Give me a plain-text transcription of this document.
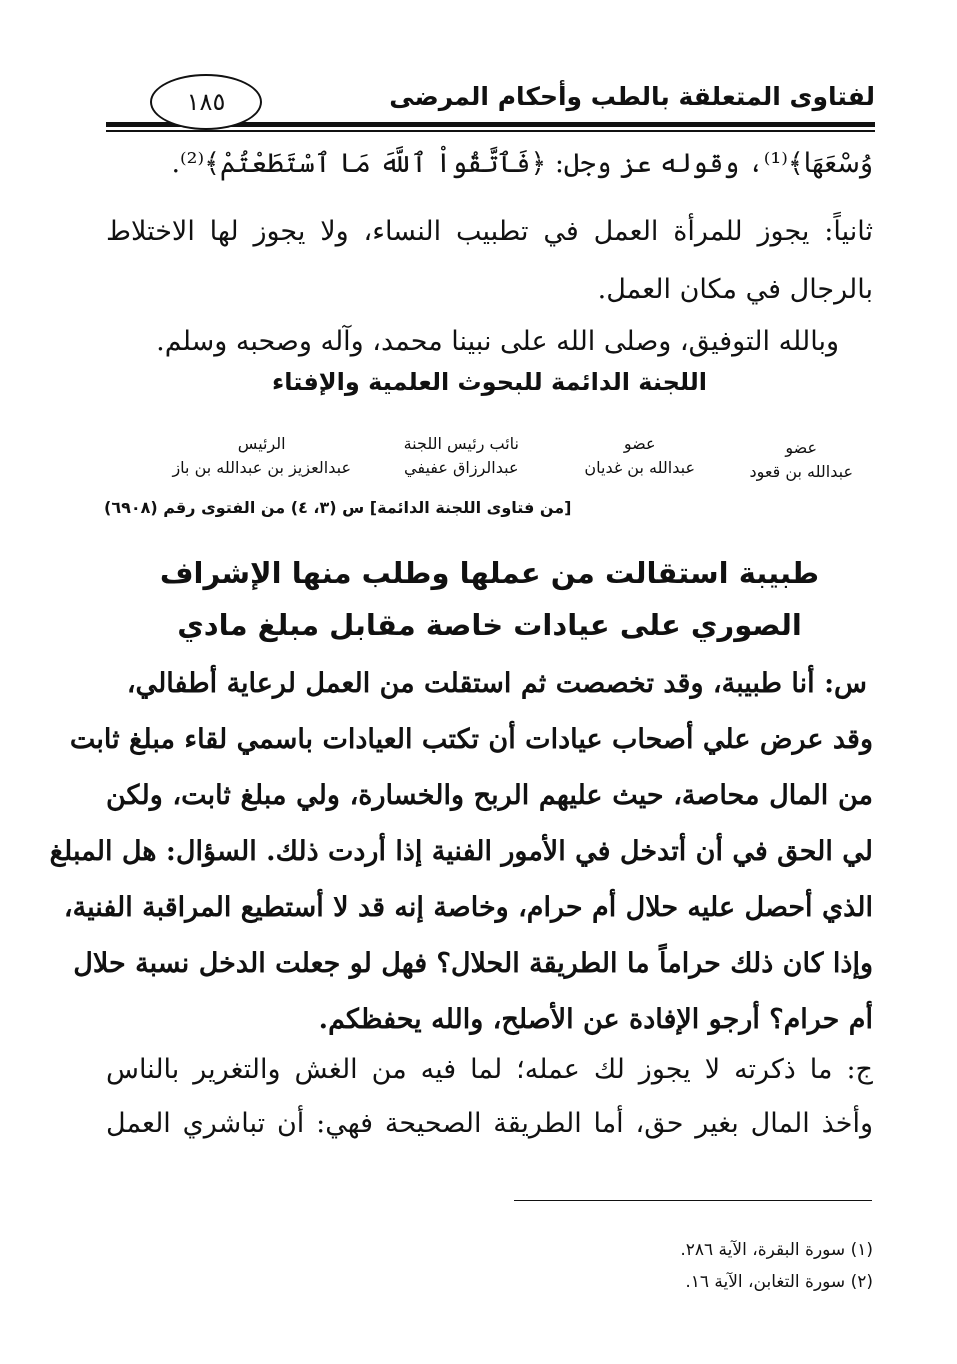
لفتاوى المتعلقة بالطب وأحكام المرضى
١٨٥
وُسْعَهَا﴾⁽¹⁾، وقوله عز وجل: ﴿فَٱتَّقُواْ ٱللَّهَ مَا ٱسْتَطَعْتُمْ﴾⁽²⁾.
ثانياً: يجوز للمرأة العمل في تطبيب النساء، ولا يجوز لها الاختلاط
بالرجال في مكان العمل.
وبالله التوفيق، وصلى الله على نبينا محمد، وآله وصحبه وسلم.
اللجنة الدائمة للبحوث العلمية والإفتاء
عضو
عبدالله بن قعود
عضو
عبدالله بن غديان
نائب رئيس اللجنة
عبدالرزاق عفيفي
الرئيس
عبدالعزيز بن عبدالله بن باز
[من فتاوى اللجنة الدائمة] س (٣، ٤) من الفتوى رقم (٦٩٠٨)
طبيبة استقالت من عملها وطلب منها الإشراف
الصوري على عيادات خاصة مقابل مبلغ مادي
س: أنا طبيبة، وقد تخصصت ثم استقلت من العمل لرعاية أطفالي،
وقد عرض علي أصحاب عيادات أن تكتب العيادات باسمي لقاء مبلغ ثابت
من المال محاصة، حيث عليهم الربح والخسارة، ولي مبلغ ثابت، ولكن
لي الحق في أن أتدخل في الأمور الفنية إذا أردت ذلك. السؤال: هل المبلغ
الذي أحصل عليه حلال أم حرام، وخاصة إنه قد لا أستطيع المراقبة الفنية،
وإذا كان ذلك حراماً ما الطريقة الحلال؟ فهل لو جعلت الدخل نسبة حلال
أم حرام؟ أرجو الإفادة عن الأصلح، والله يحفظكم.
ج: ما ذكرته لا يجوز لك عمله؛ لما فيه من الغش والتغرير بالناس
وأخذ المال بغير حق، أما الطريقة الصحيحة فهي: أن تباشري العمل
(١) سورة البقرة، الآية ٢٨٦.
(٢) سورة التغابن، الآية ١٦.
